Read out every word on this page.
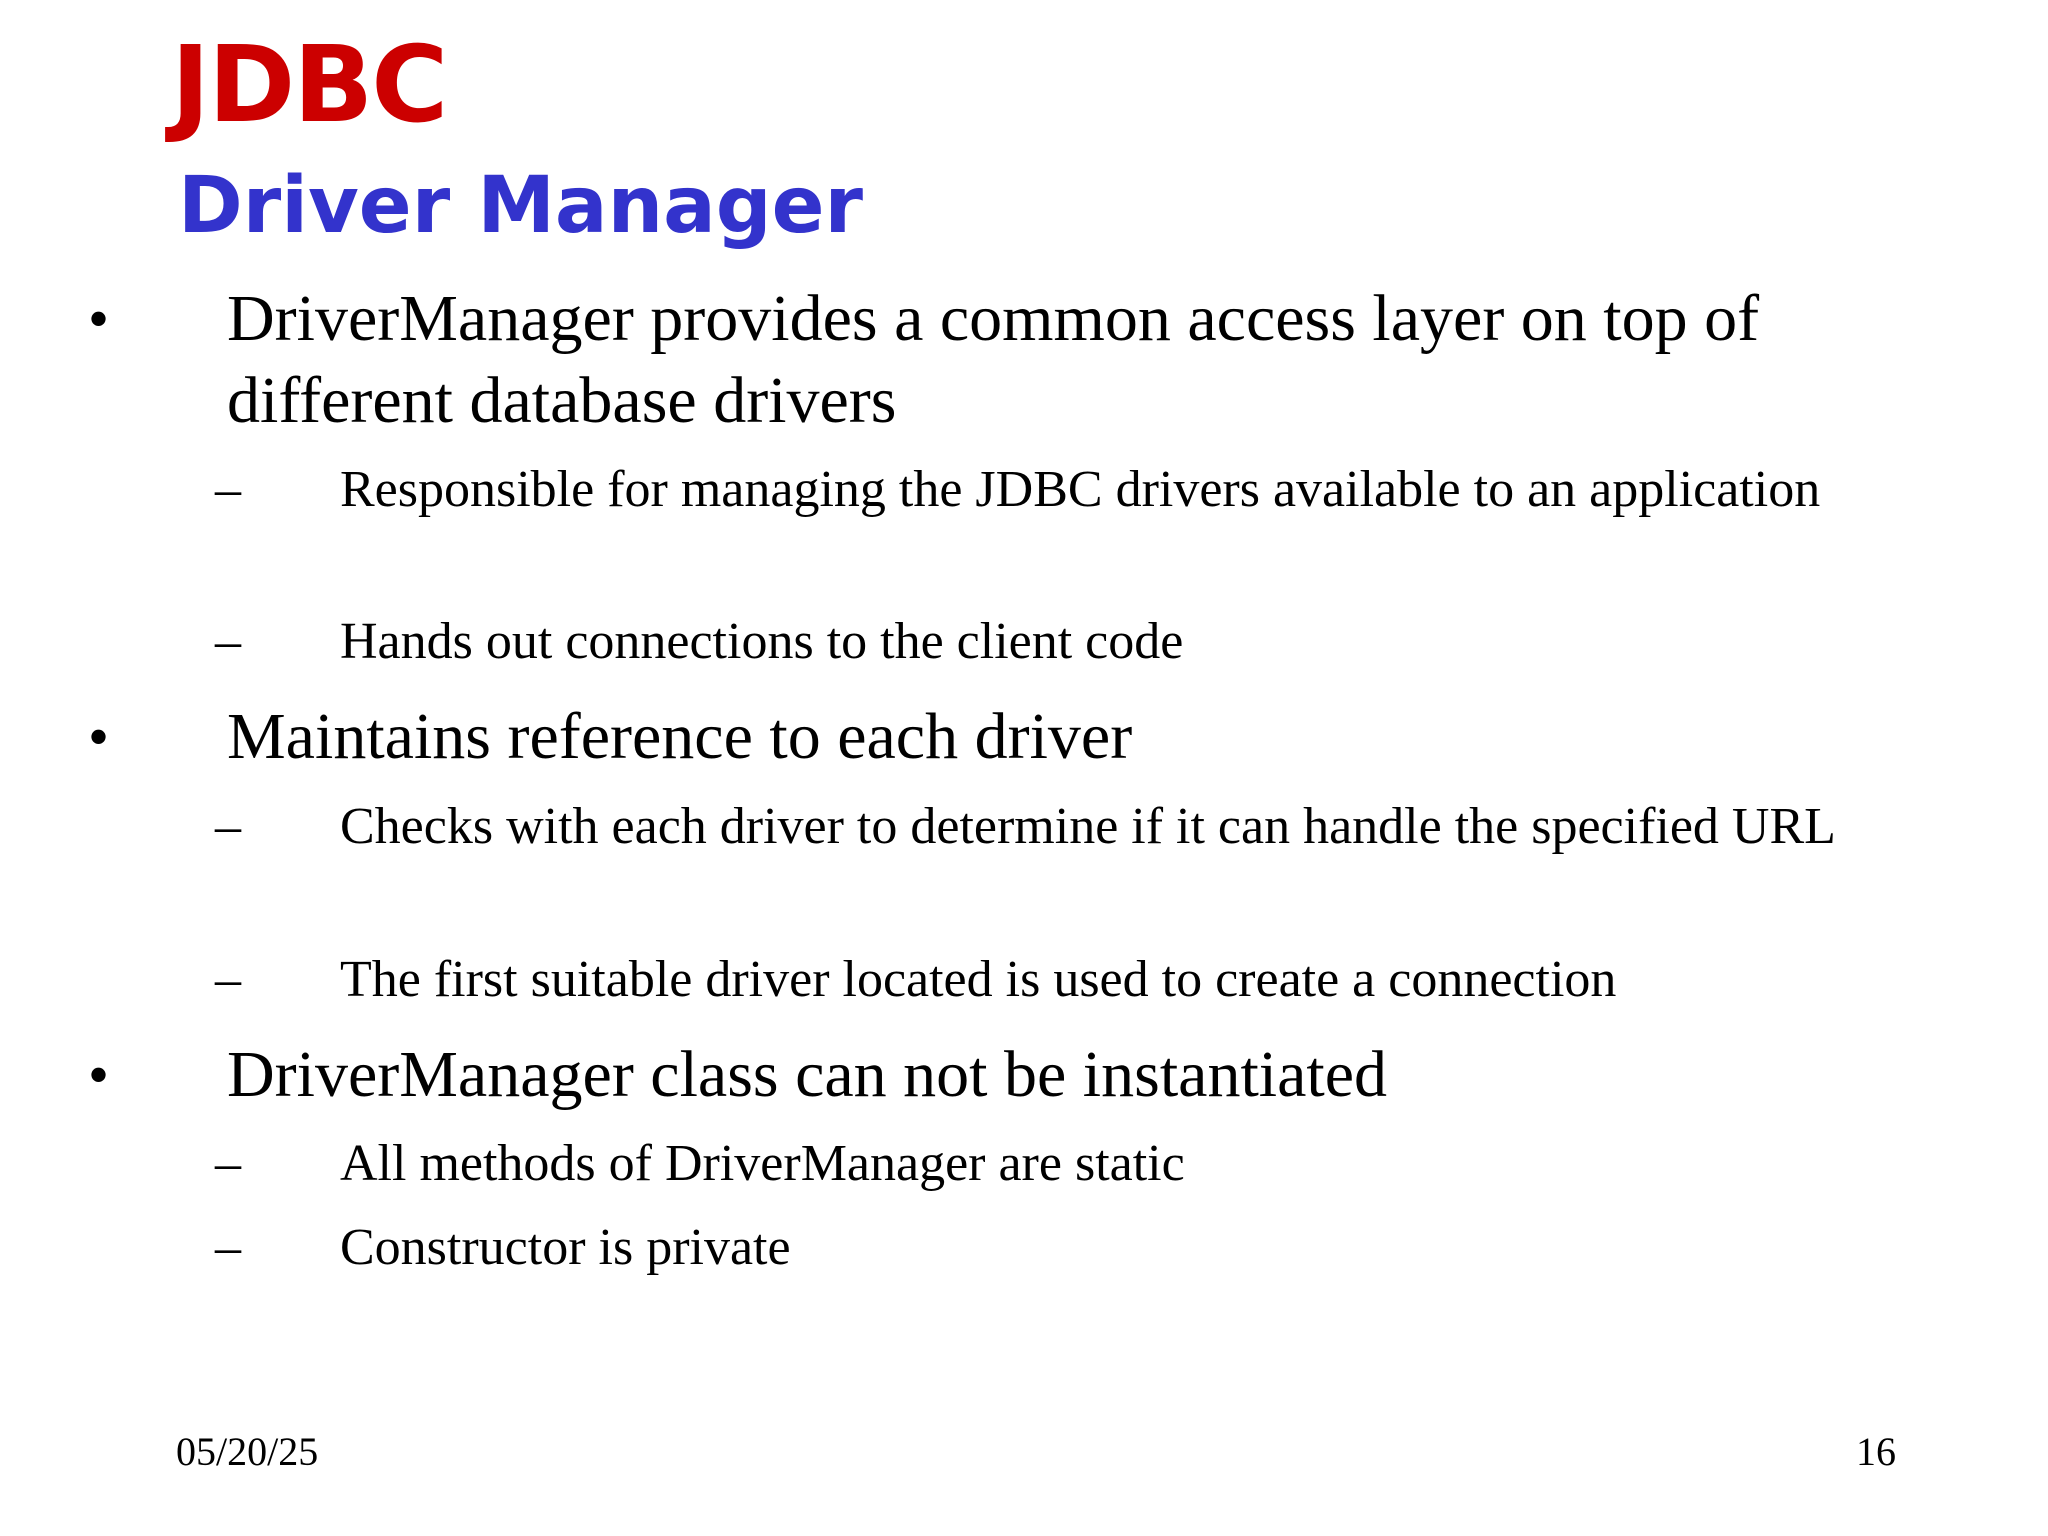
JDBC
Driver Manager
• DriverManager provides a common access layer on top of different database drivers
– Responsible for managing the JDBC drivers available to an application
– Hands out connections to the client code
• Maintains reference to each driver
– Checks with each driver to determine if it can handle the specified URL
– The first suitable driver located is used to create a connection
• DriverManager class can not be instantiated
– All methods of DriverManager are static
– Constructor is private
05/20/25	16
